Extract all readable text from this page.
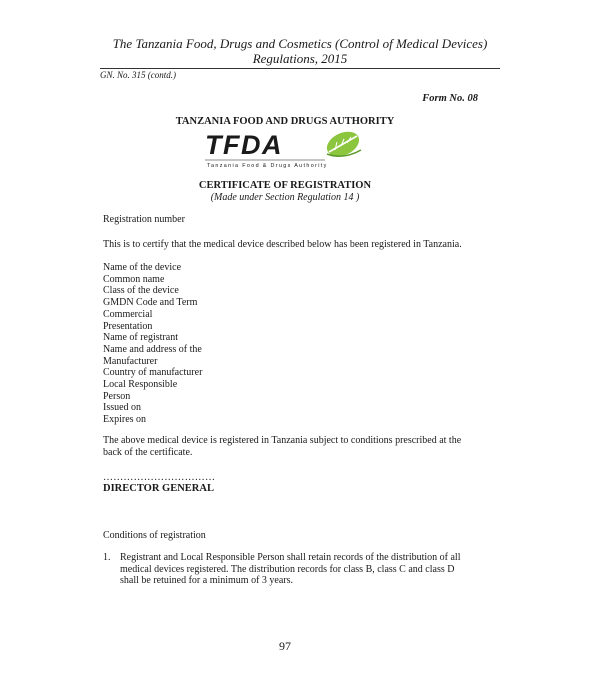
The Tanzania Food, Drugs and Cosmetics (Control of Medical Devices)
Regulations, 2015
GN. No. 315 (contd.)
Form No. 08
TANZANIA FOOD AND DRUGS AUTHORITY
TFDA
Tanzania Food & Drugs Authority
CERTIFICATE OF REGISTRATION
(Made under Section Regulation 14 )
Registration number
This is to certify that the medical device described below has been registered in Tanzania.
Name of the device
Common name
Class of the device
GMDN Code and Term
Commercial
Presentation
Name of registrant
Name and address of the
Manufacturer
Country of manufacturer
Local Responsible
Person
Issued on
Expires on
The above medical device is registered in Tanzania subject to conditions prescribed at the back of the certificate.
……………………………
DIRECTOR GENERAL
Conditions of registration
1. Registrant and Local Responsible Person shall retain records of the distribution of all medical devices registered. The distribution records for class B, class C and class D shall be retuined for a minimum of 3 years.
97
